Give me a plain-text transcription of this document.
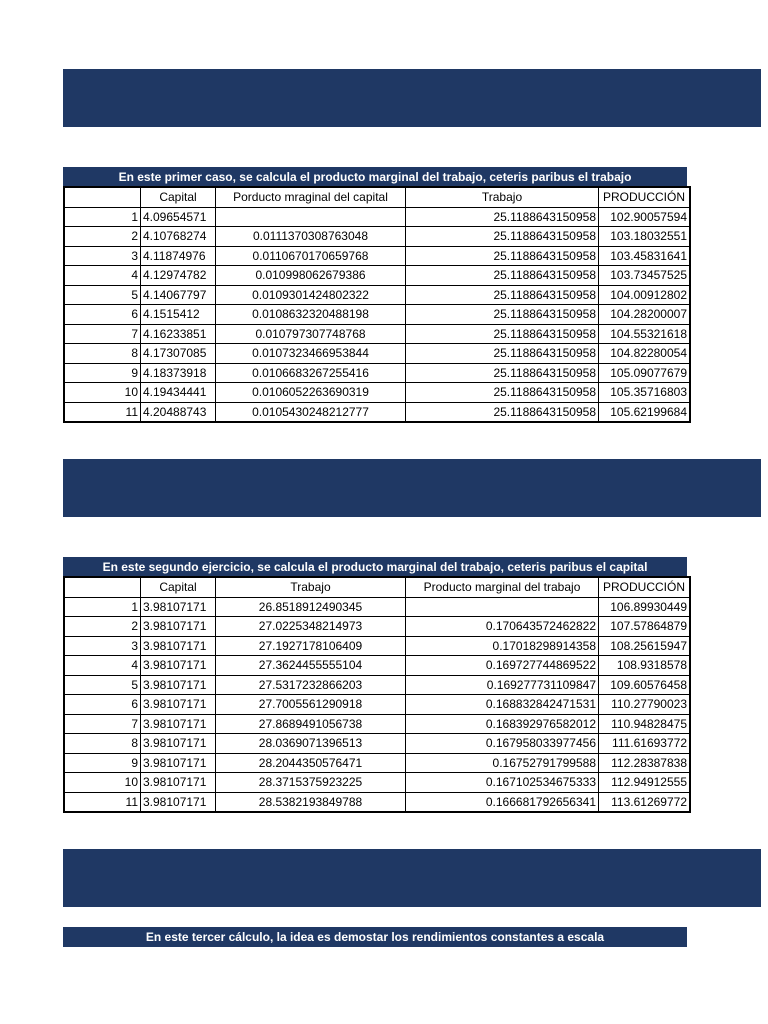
En este primer caso, se calcula el producto marginal del trabajo, ceteris paribus el trabajo
	Capital	Porducto mraginal del capital	Trabajo	PRODUCCIÓN
1	4.09654571		25.1188643150958	102.90057594
2	4.10768274	0.0111370308763048	25.1188643150958	103.18032551
3	4.11874976	0.0110670170659768	25.1188643150958	103.45831641
4	4.12974782	0.010998062679386	25.1188643150958	103.73457525
5	4.14067797	0.0109301424802322	25.1188643150958	104.00912802
6	4.1515412	0.0108632320488198	25.1188643150958	104.28200007
7	4.16233851	0.010797307748768	25.1188643150958	104.55321618
8	4.17307085	0.0107323466953844	25.1188643150958	104.82280054
9	4.18373918	0.0106683267255416	25.1188643150958	105.09077679
10	4.19434441	0.0106052263690319	25.1188643150958	105.35716803
11	4.20488743	0.0105430248212777	25.1188643150958	105.62199684
En este segundo ejercicio, se calcula el producto marginal del trabajo, ceteris paribus el capital
	Capital	Trabajo	Producto marginal del trabajo	PRODUCCIÓN
1	3.98107171	26.8518912490345		106.89930449
2	3.98107171	27.0225348214973	0.170643572462822	107.57864879
3	3.98107171	27.1927178106409	0.17018298914358	108.25615947
4	3.98107171	27.3624455555104	0.169727744869522	108.9318578
5	3.98107171	27.5317232866203	0.169277731109847	109.60576458
6	3.98107171	27.7005561290918	0.168832842471531	110.27790023
7	3.98107171	27.8689491056738	0.168392976582012	110.94828475
8	3.98107171	28.0369071396513	0.167958033977456	111.61693772
9	3.98107171	28.2044350576471	0.16752791799588	112.28387838
10	3.98107171	28.3715375923225	0.167102534675333	112.94912555
11	3.98107171	28.5382193849788	0.166681792656341	113.61269772
En este tercer cálculo, la idea es demostar los rendimientos constantes a escala
